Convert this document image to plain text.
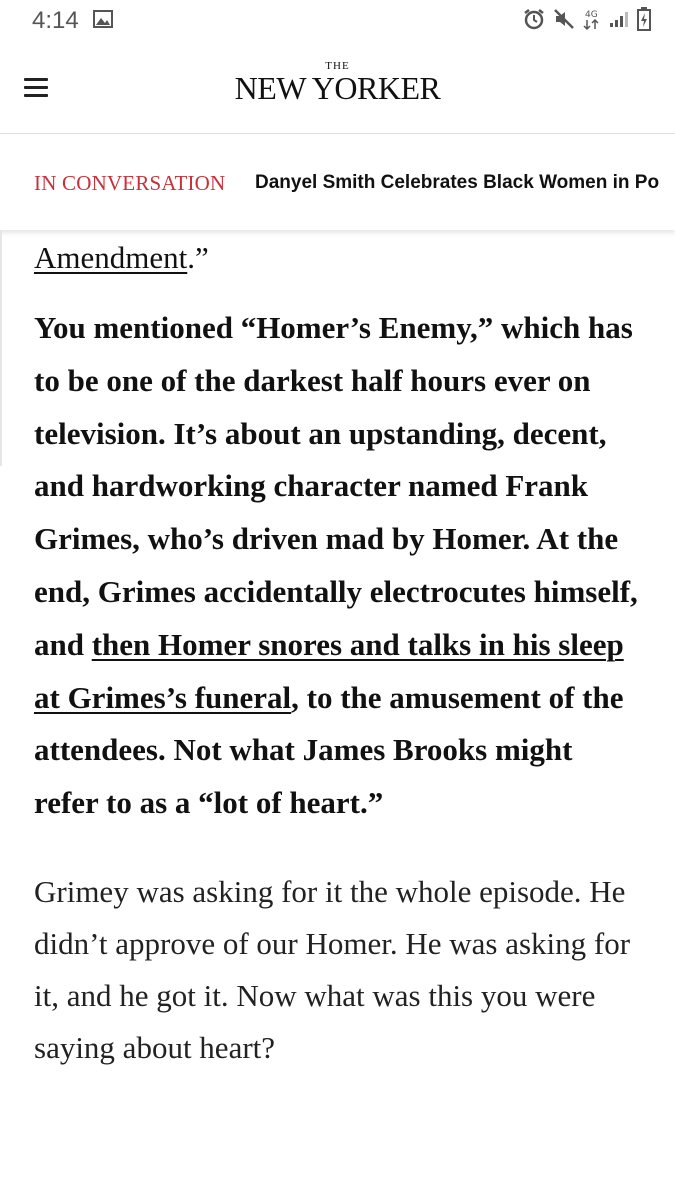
4:14	4G
THE
NEW YORKER
IN CONVERSATION Danyel Smith Celebrates Black Women in Po

Amendment.”

You mentioned “Homer’s Enemy,” which has to be one of the darkest half hours ever on television. It’s about an upstanding, decent, and hardworking character named Frank Grimes, who’s driven mad by Homer. At the end, Grimes accidentally electrocutes himself, and then Homer snores and talks in his sleep at Grimes’s funeral, to the amusement of the attendees. Not what James Brooks might refer to as a “lot of heart.”

Grimey was asking for it the whole episode. He didn’t approve of our Homer. He was asking for it, and he got it. Now what was this you were saying about heart?
